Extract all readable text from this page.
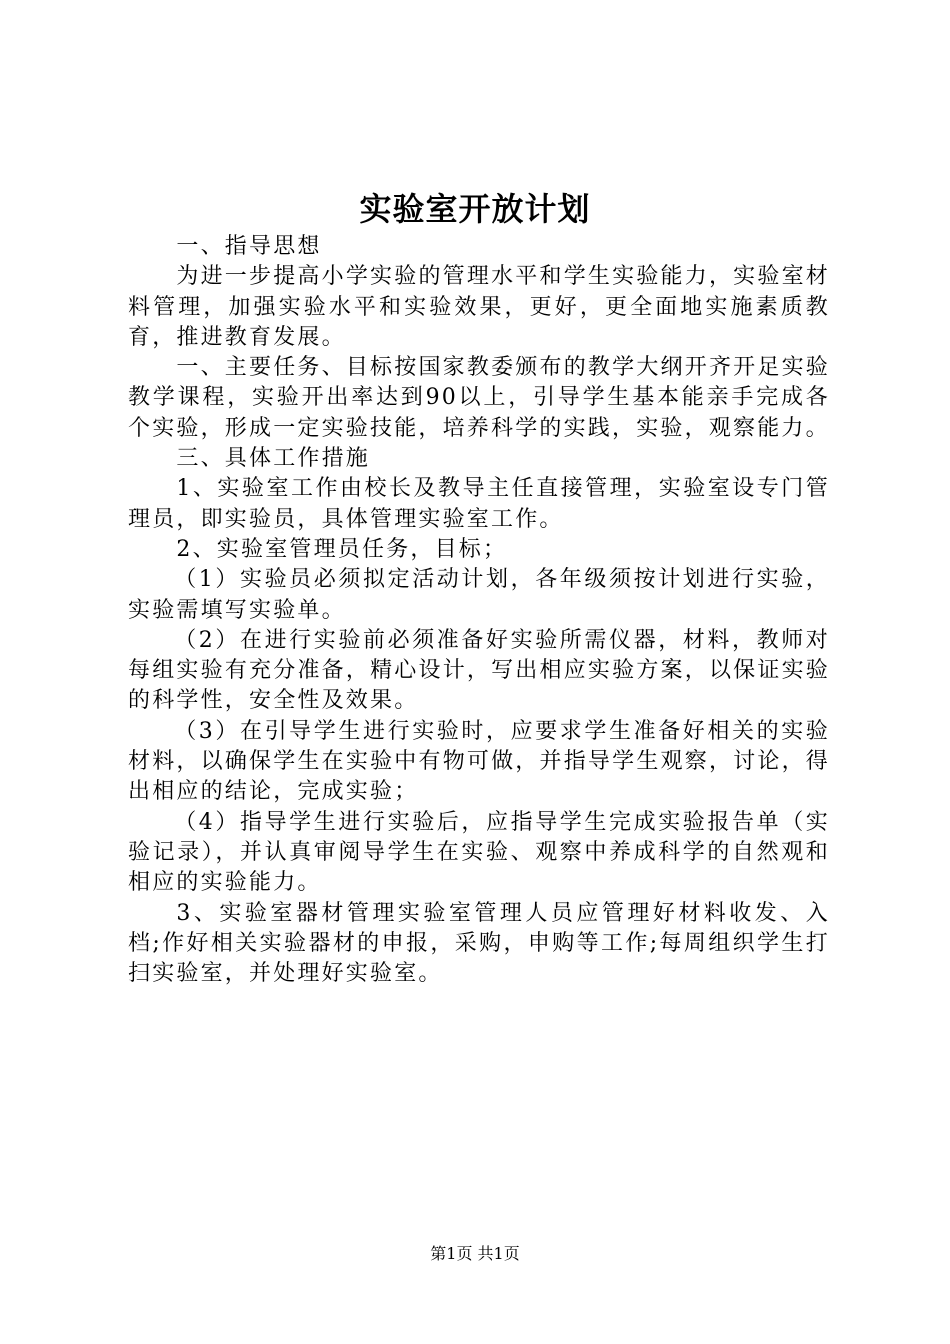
实验室开放计划

一、指导思想

为进一步提高小学实验的管理水平和学生实验能力，实验室材料管理，加强实验水平和实验效果，更好，更全面地实施素质教育，推进教育发展。

一、主要任务、目标按国家教委颁布的教学大纲开齐开足实验教学课程，实验开出率达到90以上，引导学生基本能亲手完成各个实验，形成一定实验技能，培养科学的实践，实验，观察能力。

三、具体工作措施

1、实验室工作由校长及教导主任直接管理，实验室设专门管理员，即实验员，具体管理实验室工作。

2、实验室管理员任务，目标；

（1）实验员必须拟定活动计划，各年级须按计划进行实验，实验需填写实验单。

（2）在进行实验前必须准备好实验所需仪器，材料，教师对每组实验有充分准备，精心设计，写出相应实验方案，以保证实验的科学性，安全性及效果。

（3）在引导学生进行实验时，应要求学生准备好相关的实验材料，以确保学生在实验中有物可做，并指导学生观察，讨论，得出相应的结论，完成实验；

（4）指导学生进行实验后，应指导学生完成实验报告单（实验记录），并认真审阅导学生在实验、观察中养成科学的自然观和相应的实验能力。

3、实验室器材管理实验室管理人员应管理好材料收发、入档;作好相关实验器材的申报，采购，申购等工作;每周组织学生打扫实验室，并处理好实验室。

第1页 共1页
